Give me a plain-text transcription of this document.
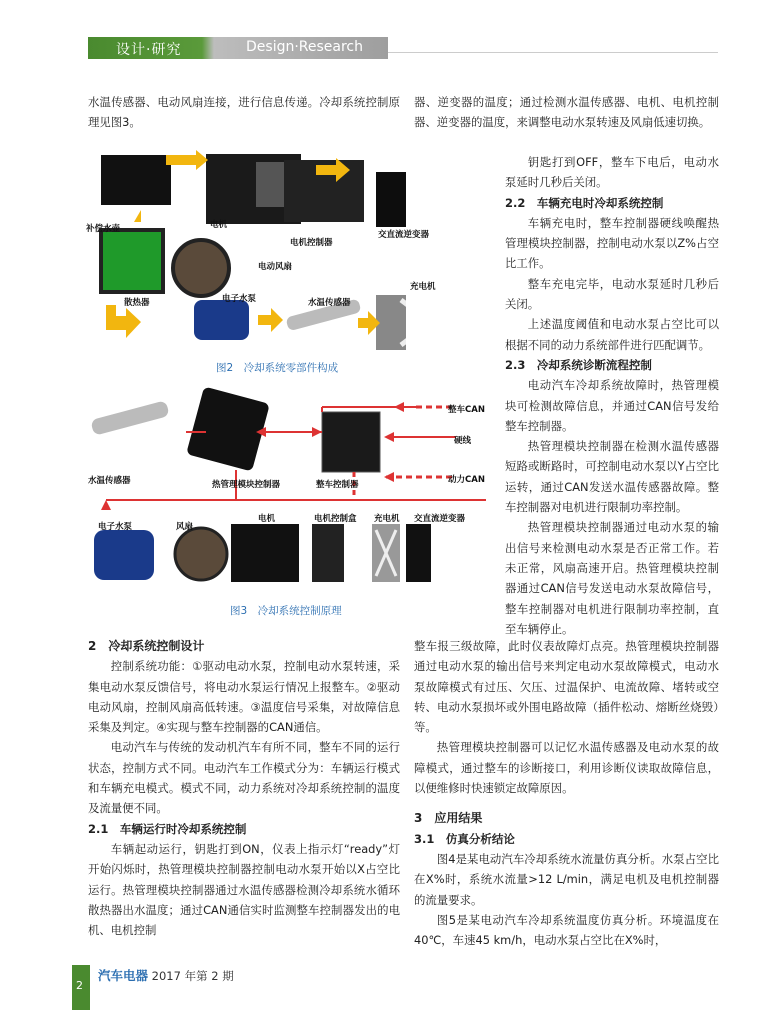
设计·研究	Design·Research

水温传感器、电动风扇连接，进行信息传递。冷却系统控制原理见图3。

补偿水壶	电机
电机控制器
交直流逆变器
电动风扇
充电机
散热器	电子水泵	水温传感器
图2　冷却系统零部件构成
水温传感器	热管理模块控制器	整车控制器
整车CAN
硬线
动力CAN
电机	电机控制盒 充电机 交直流逆变器
电子水泵	风扇
图3　冷却系统控制原理

器、逆变器的温度；通过检测水温传感器、电机、电机控制器、逆变器的温度，来调整电动水泵转速及风扇低速切换。

钥匙打到OFF，整车下电后，电动水泵延时几秒后关闭。

2.2　车辆充电时冷却系统控制

车辆充电时，整车控制器硬线唤醒热管理模块控制器，控制电动水泵以Z%占空比工作。

整车充电完毕，电动水泵延时几秒后关闭。

上述温度阈值和电动水泵占空比可以根据不同的动力系统部件进行匹配调节。

2.3　冷却系统诊断流程控制

电动汽车冷却系统故障时，热管理模块可检测故障信息，并通过CAN信号发给整车控制器。

热管理模块控制器在检测水温传感器短路或断路时，可控制电动水泵以Y占空比运转，通过CAN发送水温传感器故障。整车控制器对电机进行限制功率控制。

热管理模块控制器通过电动水泵的输出信号来检测电动水泵是否正常工作。若未正常，风扇高速开启。热管理模块控制器通过CAN信号发送电动水泵故障信号，整车控制器对电机进行限制功率控制，直至车辆停止。

2　冷却系统控制设计

控制系统功能：①驱动电动水泵，控制电动水泵转速，采集电动水泵反馈信号，将电动水泵运行情况上报整车。②驱动电动风扇，控制风扇高低转速。③温度信号采集，对故障信息采集及判定。④实现与整车控制器的CAN通信。

电动汽车与传统的发动机汽车有所不同，整车不同的运行状态，控制方式不同。电动汽车工作模式分为：车辆运行模式和车辆充电模式。模式不同，动力系统对冷却系统控制的温度及流量便不同。

2.1　车辆运行时冷却系统控制

车辆起动运行，钥匙打到ON，仪表上指示灯“ready”灯开始闪烁时，热管理模块控制器控制电动水泵开始以X占空比运行。热管理模块控制器通过水温传感器检测冷却系统水循环散热器出水温度；通过CAN通信实时监测整车控制器发出的电机、电机控制

整车报三级故障，此时仪表故障灯点亮。热管理模块控制器通过电动水泵的输出信号来判定电动水泵故障模式，电动水泵故障模式有过压、欠压、过温保护、电流故障、堵转或空转、电动水泵损坏或外围电路故障（插件松动、熔断丝烧毁）等。

热管理模块控制器可以记忆水温传感器及电动水泵的故障模式，通过整车的诊断接口，利用诊断仪读取故障信息，以便维修时快速锁定故障原因。

3　应用结果
3.1　仿真分析结论

图4是某电动汽车冷却系统水流量仿真分析。水泵占空比在X%时，系统水流量>12 L/min，满足电机及电机控制器的流量要求。

图5是某电动汽车冷却系统温度仿真分析。环境温度在40℃，车速45 km/h，电动水泵占空比在X%时，

2
汽车电器 2017 年第 2 期
